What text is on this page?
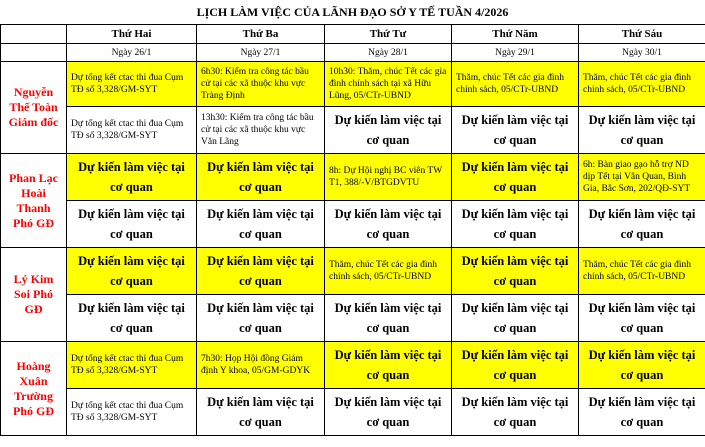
LỊCH LÀM VIỆC CỦA LÃNH ĐẠO SỞ Y TẾ TUẦN 4/2026
	Thứ Hai	Thứ Ba	Thứ Tư	Thứ Năm	Thứ Sáu
	Ngày 26/1	Ngày 27/1	Ngày 28/1	Ngày 29/1	Ngày 30/1
Nguyễn Thế Toàn Giám đốc	Dự tổng kết ctac thi đua Cụm TĐ số 3,328/GM-SYT	6h30: Kiểm tra công tác bầu cử tại các xã thuộc khu vực Tràng Định	10h30: Thăm, chúc Tết các gia đình chính sách tại xã Hữu Lũng, 05/CTr-UBND	Thăm, chúc Tết các gia đình chính sách, 05/CTr-UBND	Thăm, chúc Tết các gia đình chính sách, 05/CTr-UBND
	Dự tổng kết ctac thi đua Cụm TĐ số 3,328/GM-SYT	13h30: Kiểm tra công tác bầu cử tại các xã thuộc khu vực Văn Lãng	Dự kiến làm việc tại cơ quan	Dự kiến làm việc tại cơ quan	Dự kiến làm việc tại cơ quan
Phan Lạc Hoài Thanh Phó GĐ	Dự kiến làm việc tại cơ quan	Dự kiến làm việc tại cơ quan	8h: Dự Hội nghị BC viên TW T1, 388/-V/BTGDVTU	Dự kiến làm việc tại cơ quan	6h: Bàn giao gạo hỗ trợ ND dịp Tết tại Vân Quan, Bình Gia, Bắc Sơn, 202/QĐ-SYT
	Dự kiến làm việc tại cơ quan	Dự kiến làm việc tại cơ quan	Dự kiến làm việc tại cơ quan	Dự kiến làm việc tại cơ quan	Dự kiến làm việc tại cơ quan
Lý Kim Soi Phó GĐ	Dự kiến làm việc tại cơ quan	Dự kiến làm việc tại cơ quan	Thăm, chúc Tết các gia đình chính sách, 05/CTr-UBND	Dự kiến làm việc tại cơ quan	Thăm, chúc Tết các gia đình chính sách, 05/CTr-UBND
	Dự kiến làm việc tại cơ quan	Dự kiến làm việc tại cơ quan	Dự kiến làm việc tại cơ quan	Dự kiến làm việc tại cơ quan	Dự kiến làm việc tại cơ quan
Hoàng Xuân Trường Phó GĐ	Dự tổng kết ctac thi đua Cụm TĐ số 3,328/GM-SYT	7h30: Họp Hội đồng Giám định Y khoa, 05/GM-GDYK	Dự kiến làm việc tại cơ quan	Dự kiến làm việc tại cơ quan	Dự kiến làm việc tại cơ quan
	Dự tổng kết ctac thi đua Cụm TĐ số 3,328/GM-SYT	Dự kiến làm việc tại cơ quan	Dự kiến làm việc tại cơ quan	Dự kiến làm việc tại cơ quan	Dự kiến làm việc tại cơ quan
